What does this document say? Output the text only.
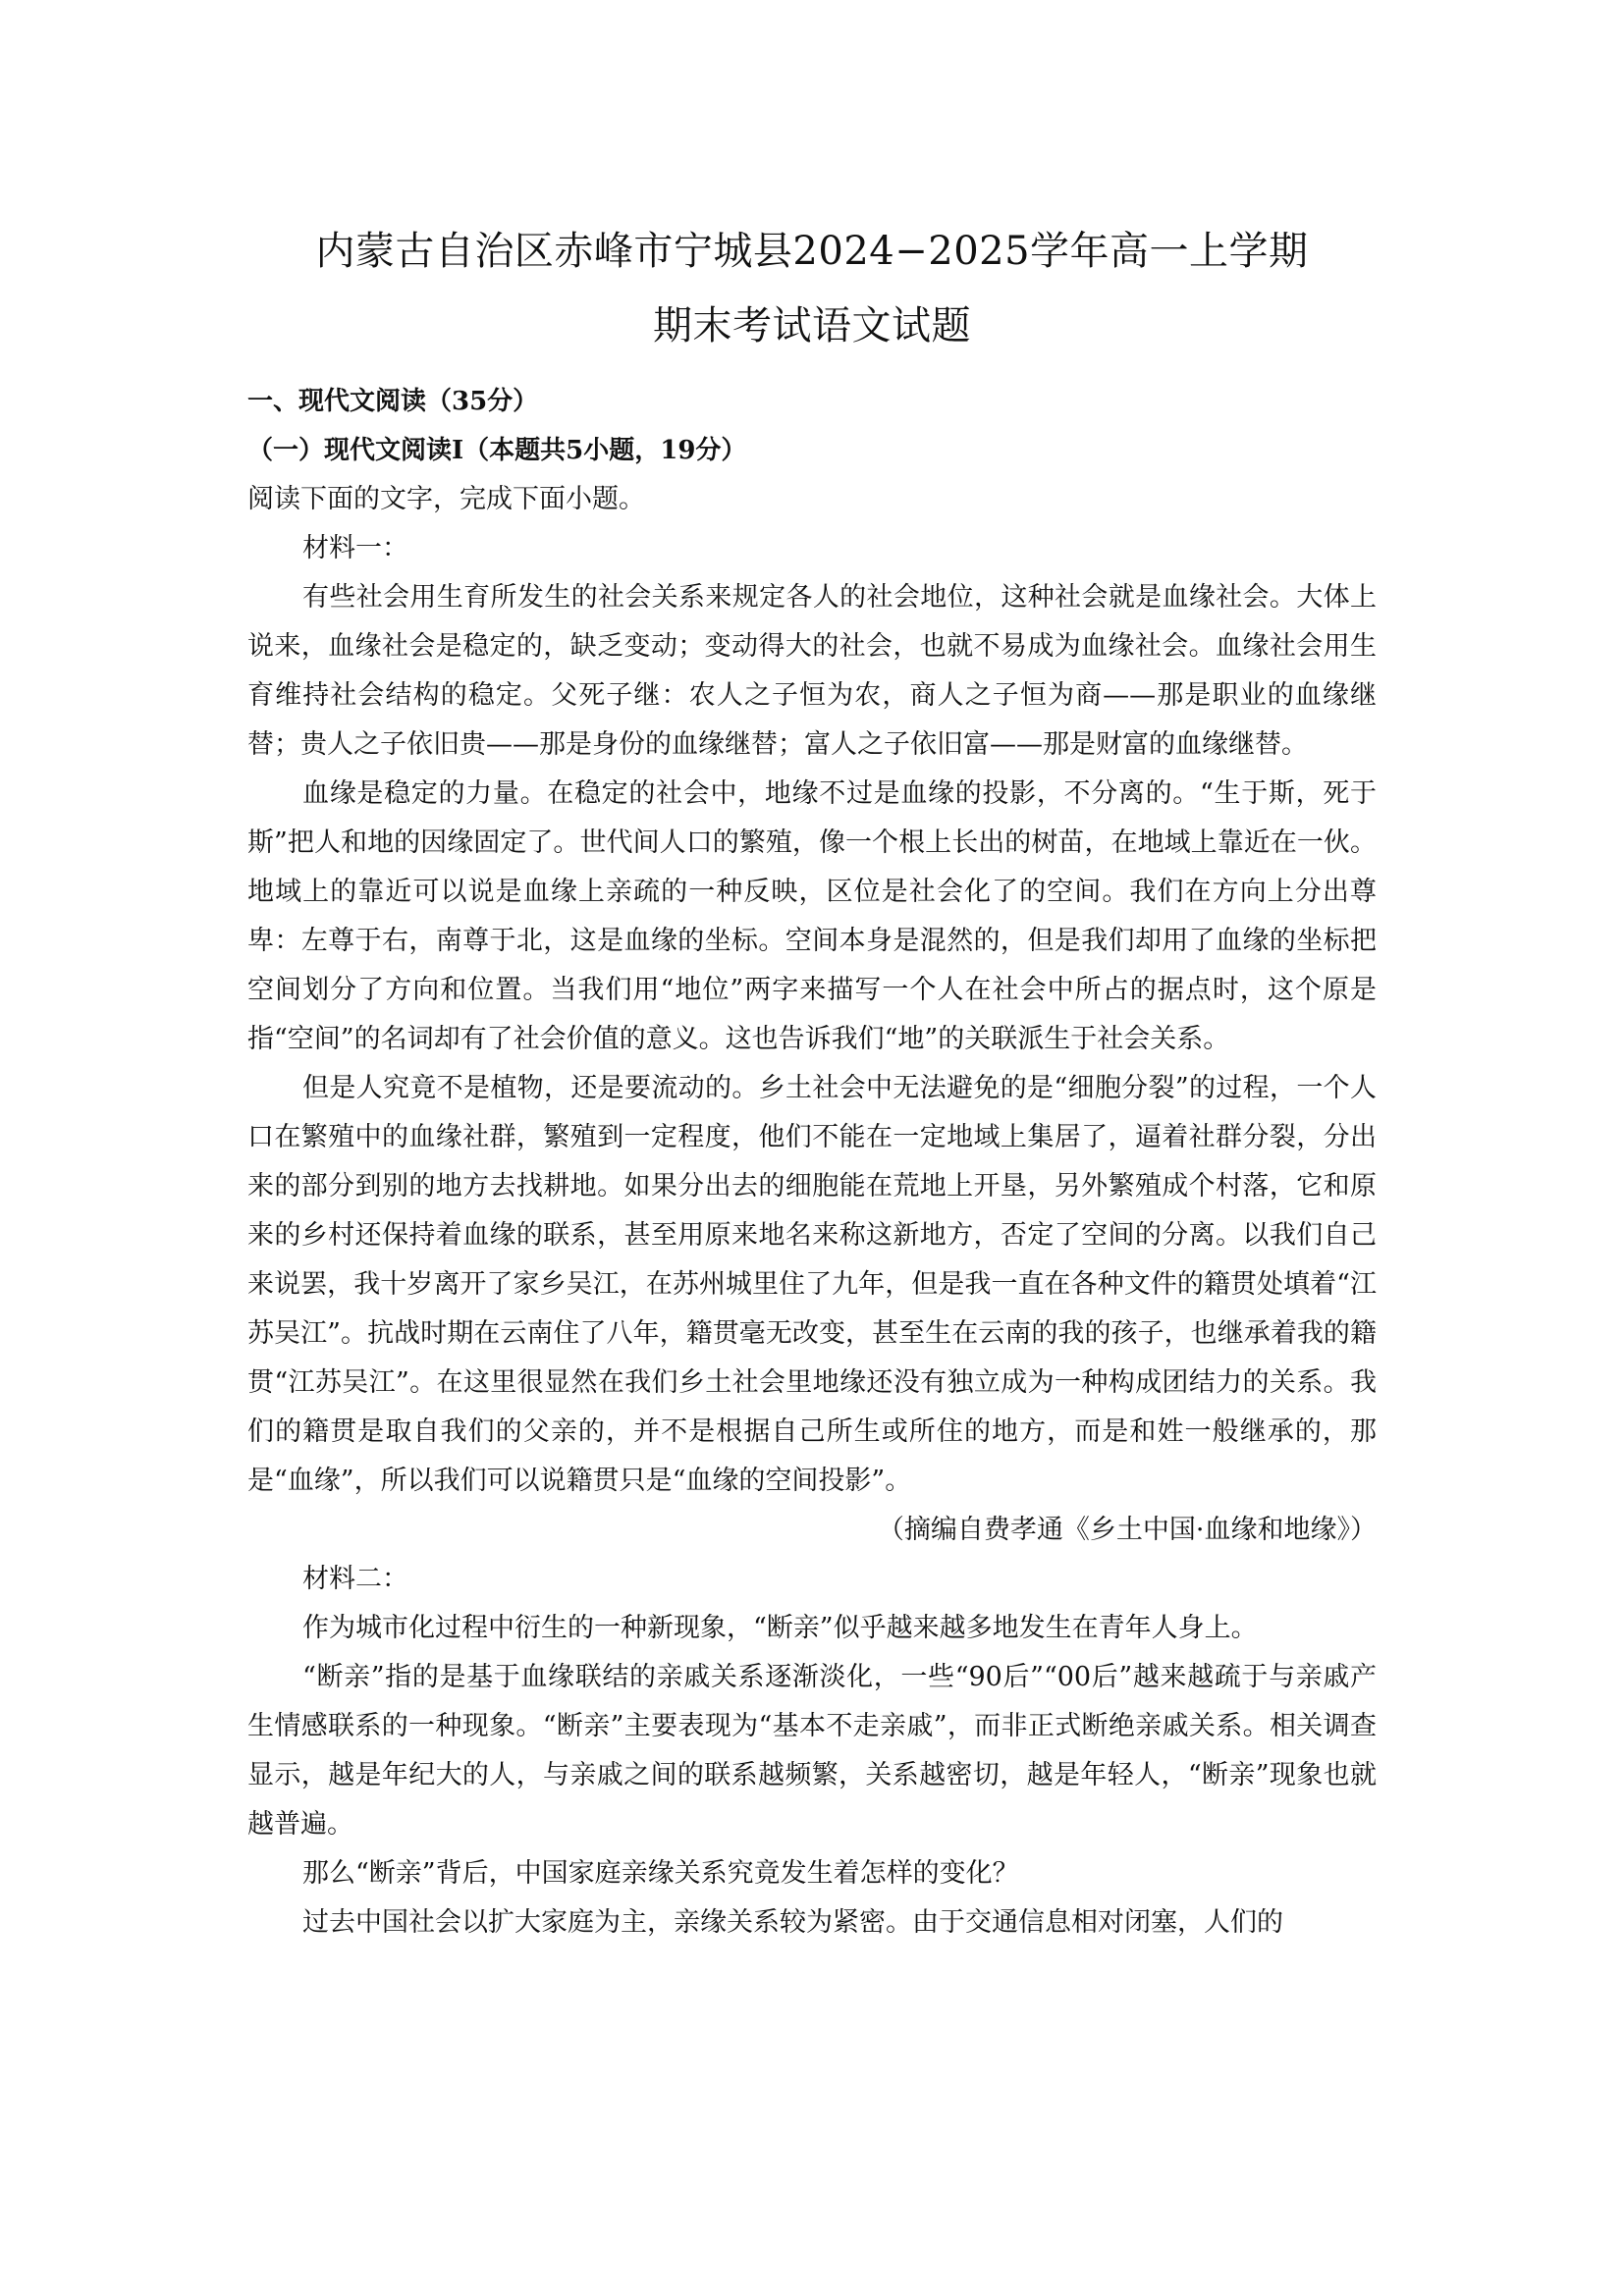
内蒙古自治区赤峰市宁城县2024−2025学年高一上学期
期末考试语文试题

一、现代文阅读（35分）

（一）现代文阅读Ⅰ（本题共5小题，19分）

阅读下面的文字，完成下面小题。

材料一：

有些社会用生育所发生的社会关系来规定各人的社会地位，这种社会就是血缘社会。大体上说来，血缘社会是稳定的，缺乏变动；变动得大的社会，也就不易成为血缘社会。血缘社会用生育维持社会结构的稳定。父死子继：农人之子恒为农，商人之子恒为商——那是职业的血缘继替；贵人之子依旧贵——那是身份的血缘继替；富人之子依旧富——那是财富的血缘继替。

血缘是稳定的力量。在稳定的社会中，地缘不过是血缘的投影，不分离的。“生于斯，死于斯”把人和地的因缘固定了。世代间人口的繁殖，像一个根上长出的树苗，在地域上靠近在一伙。地域上的靠近可以说是血缘上亲疏的一种反映，区位是社会化了的空间。我们在方向上分出尊卑：左尊于右，南尊于北，这是血缘的坐标。空间本身是混然的，但是我们却用了血缘的坐标把空间划分了方向和位置。当我们用“地位”两字来描写一个人在社会中所占的据点时，这个原是指“空间”的名词却有了社会价值的意义。这也告诉我们“地”的关联派生于社会关系。

但是人究竟不是植物，还是要流动的。乡土社会中无法避免的是“细胞分裂”的过程，一个人口在繁殖中的血缘社群，繁殖到一定程度，他们不能在一定地域上集居了，逼着社群分裂，分出来的部分到别的地方去找耕地。如果分出去的细胞能在荒地上开垦，另外繁殖成个村落，它和原来的乡村还保持着血缘的联系，甚至用原来地名来称这新地方，否定了空间的分离。以我们自己来说罢，我十岁离开了家乡吴江，在苏州城里住了九年，但是我一直在各种文件的籍贯处填着“江苏吴江”。抗战时期在云南住了八年，籍贯毫无改变，甚至生在云南的我的孩子，也继承着我的籍贯“江苏吴江”。在这里很显然在我们乡土社会里地缘还没有独立成为一种构成团结力的关系。我们的籍贯是取自我们的父亲的，并不是根据自己所生或所住的地方，而是和姓一般继承的，那是“血缘”，所以我们可以说籍贯只是“血缘的空间投影”。

（摘编自费孝通《乡土中国·血缘和地缘》）

材料二：

作为城市化过程中衍生的一种新现象，“断亲”似乎越来越多地发生在青年人身上。

“断亲”指的是基于血缘联结的亲戚关系逐渐淡化，一些“90后”“00后”越来越疏于与亲戚产生情感联系的一种现象。“断亲”主要表现为“基本不走亲戚”，而非正式断绝亲戚关系。相关调查显示，越是年纪大的人，与亲戚之间的联系越频繁，关系越密切，越是年轻人，“断亲”现象也就越普遍。

那么“断亲”背后，中国家庭亲缘关系究竟发生着怎样的变化？

过去中国社会以扩大家庭为主，亲缘关系较为紧密。由于交通信息相对闭塞，人们的
